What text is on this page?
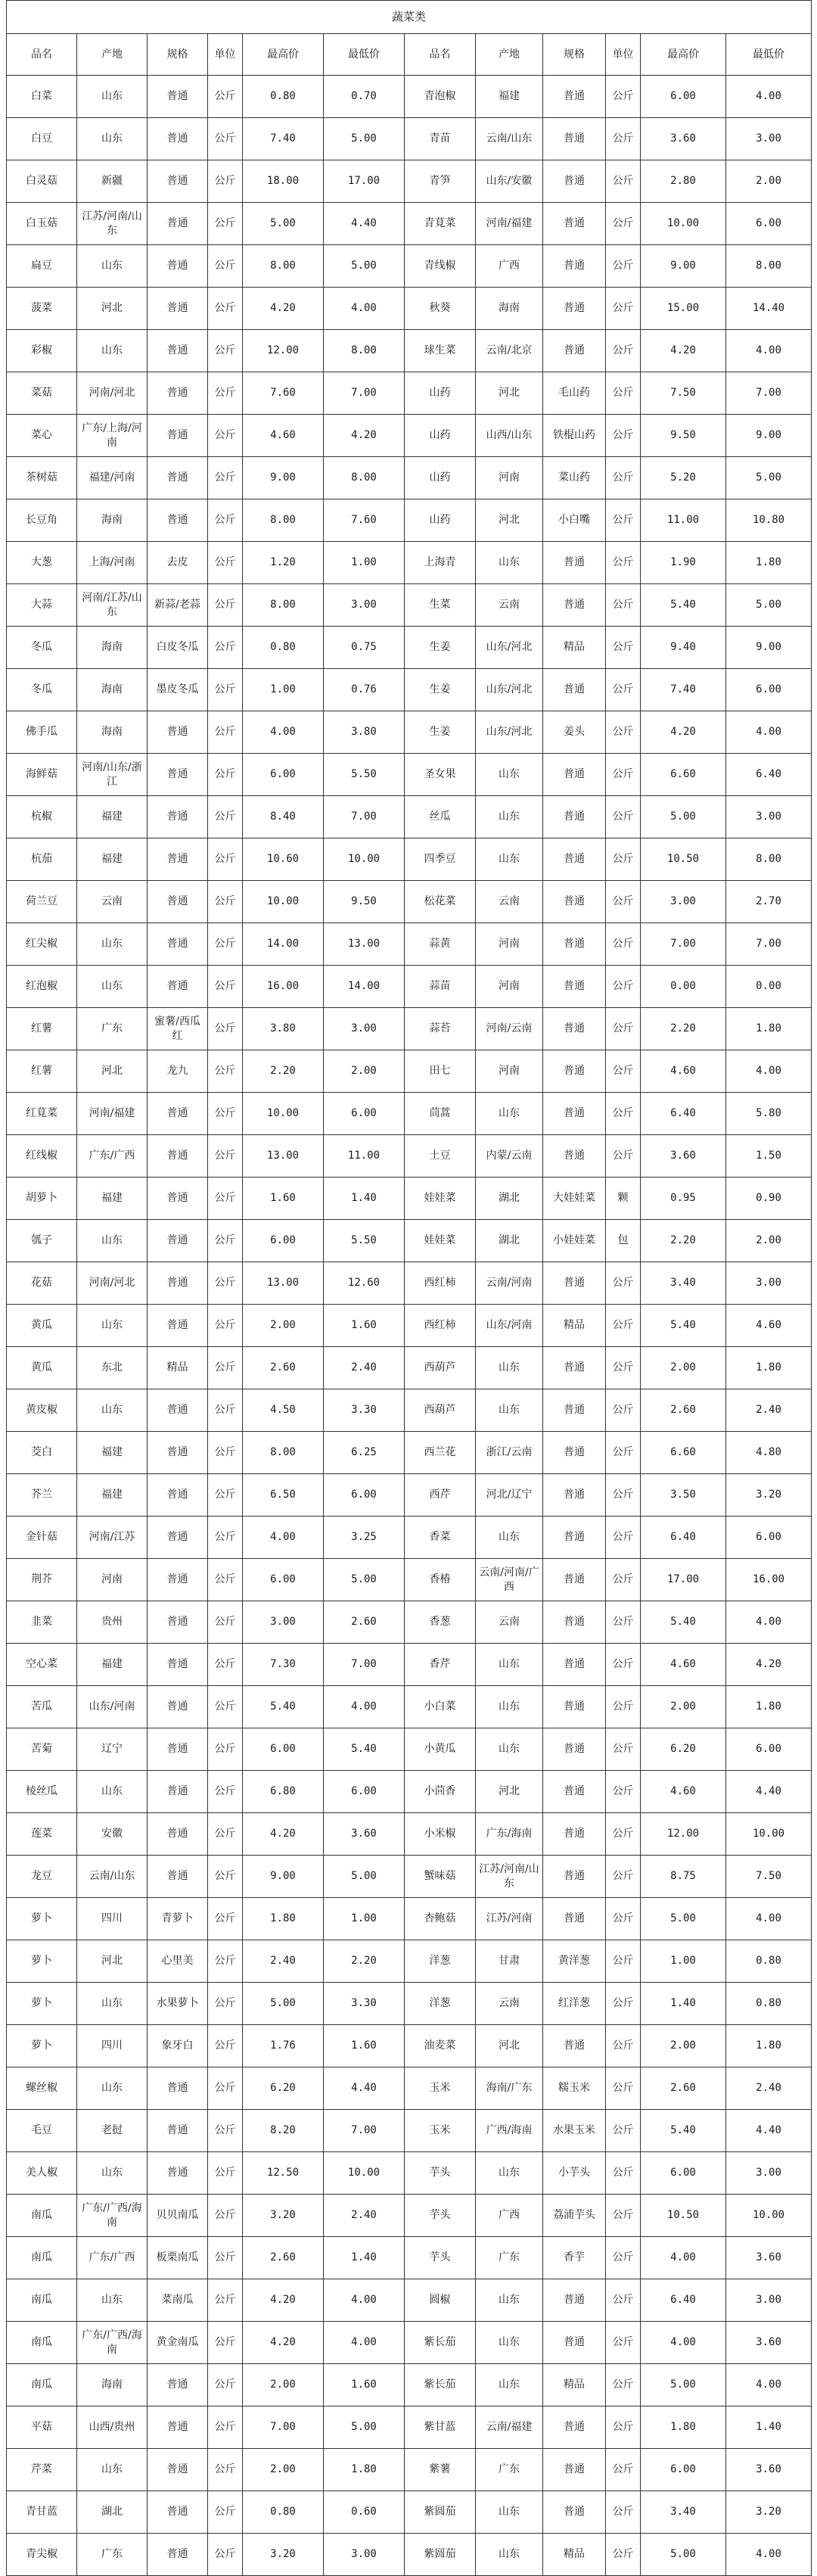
蔬菜类											
品名	产地	规格	单位	最高价	最低价	品名	产地	规格	单位	最高价	最低价
白菜	山东	普通	公斤	0.80	0.70	青泡椒	福建	普通	公斤	6.00	4.00
白豆	山东	普通	公斤	7.40	5.00	青苗	云南/山东	普通	公斤	3.60	3.00
白灵菇	新疆	普通	公斤	18.00	17.00	青笋	山东/安徽	普通	公斤	2.80	2.00
白玉菇	江苏/河南/山东	普通	公斤	5.00	4.40	青莧菜	河南/福建	普通	公斤	10.00	6.00
扁豆	山东	普通	公斤	8.00	5.00	青线椒	广西	普通	公斤	9.00	8.00
菠菜	河北	普通	公斤	4.20	4.00	秋葵	海南	普通	公斤	15.00	14.40
彩椒	山东	普通	公斤	12.00	8.00	球生菜	云南/北京	普通	公斤	4.20	4.00
菜菇	河南/河北	普通	公斤	7.60	7.00	山药	河北	毛山药	公斤	7.50	7.00
菜心	广东/上海/河南	普通	公斤	4.60	4.20	山药	山西/山东	铁棍山药	公斤	9.50	9.00
茶树菇	福建/河南	普通	公斤	9.00	8.00	山药	河南	菜山药	公斤	5.20	5.00
长豆角	海南	普通	公斤	8.00	7.60	山药	河北	小白嘴	公斤	11.00	10.80
大葱	上海/河南	去皮	公斤	1.20	1.00	上海青	山东	普通	公斤	1.90	1.80
大蒜	河南/江苏/山东	新蒜/老蒜	公斤	8.00	3.00	生菜	云南	普通	公斤	5.40	5.00
冬瓜	海南	白皮冬瓜	公斤	0.80	0.75	生姜	山东/河北	精品	公斤	9.40	9.00
冬瓜	海南	墨皮冬瓜	公斤	1.00	0.76	生姜	山东/河北	普通	公斤	7.40	6.00
佛手瓜	海南	普通	公斤	4.00	3.80	生姜	山东/河北	姜头	公斤	4.20	4.00
海鲜菇	河南/山东/浙江	普通	公斤	6.00	5.50	圣女果	山东	普通	公斤	6.60	6.40
杭椒	福建	普通	公斤	8.40	7.00	丝瓜	山东	普通	公斤	5.00	3.00
杭茄	福建	普通	公斤	10.60	10.00	四季豆	山东	普通	公斤	10.50	8.00
荷兰豆	云南	普通	公斤	10.00	9.50	松花菜	云南	普通	公斤	3.00	2.70
红尖椒	山东	普通	公斤	14.00	13.00	蒜黄	河南	普通	公斤	7.00	7.00
红泡椒	山东	普通	公斤	16.00	14.00	蒜苗	河南	普通	公斤	0.00	0.00
红薯	广东	蜜薯/西瓜红	公斤	3.80	3.00	蒜苔	河南/云南	普通	公斤	2.20	1.80
红薯	河北	龙九	公斤	2.20	2.00	田七	河南	普通	公斤	4.60	4.00
红莧菜	河南/福建	普通	公斤	10.00	6.00	茼蒿	山东	普通	公斤	6.40	5.80
红线椒	广东/广西	普通	公斤	13.00	11.00	土豆	内蒙/云南	普通	公斤	3.60	1.50
胡萝卜	福建	普通	公斤	1.60	1.40	娃娃菜	湖北	大娃娃菜	颗	0.95	0.90
瓠子	山东	普通	公斤	6.00	5.50	娃娃菜	湖北	小娃娃菜	包	2.20	2.00
花菇	河南/河北	普通	公斤	13.00	12.60	西红柿	云南/河南	普通	公斤	3.40	3.00
黄瓜	山东	普通	公斤	2.00	1.60	西红柿	山东/河南	精品	公斤	5.40	4.60
黄瓜	东北	精品	公斤	2.60	2.40	西葫芦	山东	普通	公斤	2.00	1.80
黄皮椒	山东	普通	公斤	4.50	3.30	西葫芦	山东	普通	公斤	2.60	2.40
茭白	福建	普通	公斤	8.00	6.25	西兰花	浙江/云南	普通	公斤	6.60	4.80
芥兰	福建	普通	公斤	6.50	6.00	西芹	河北/辽宁	普通	公斤	3.50	3.20
金针菇	河南/江苏	普通	公斤	4.00	3.25	香菜	山东	普通	公斤	6.40	6.00
荆芥	河南	普通	公斤	6.00	5.00	香椿	云南/河南/广西	普通	公斤	17.00	16.00
韭菜	贵州	普通	公斤	3.00	2.60	香葱	云南	普通	公斤	5.40	4.00
空心菜	福建	普通	公斤	7.30	7.00	香芹	山东	普通	公斤	4.60	4.20
苦瓜	山东/河南	普通	公斤	5.40	4.00	小白菜	山东	普通	公斤	2.00	1.80
苦菊	辽宁	普通	公斤	6.00	5.40	小黄瓜	山东	普通	公斤	6.20	6.00
棱丝瓜	山东	普通	公斤	6.80	6.00	小茴香	河北	普通	公斤	4.60	4.40
莲菜	安徽	普通	公斤	4.20	3.60	小米椒	广东/海南	普通	公斤	12.00	10.00
龙豆	云南/山东	普通	公斤	9.00	5.00	蟹味菇	江苏/河南/山东	普通	公斤	8.75	7.50
萝卜	四川	青萝卜	公斤	1.80	1.00	杏鲍菇	江苏/河南	普通	公斤	5.00	4.00
萝卜	河北	心里美	公斤	2.40	2.20	洋葱	甘肃	黄洋葱	公斤	1.00	0.80
萝卜	山东	水果萝卜	公斤	5.00	3.30	洋葱	云南	红洋葱	公斤	1.40	0.80
萝卜	四川	象牙白	公斤	1.76	1.60	油麦菜	河北	普通	公斤	2.00	1.80
螺丝椒	山东	普通	公斤	6.20	4.40	玉米	海南/广东	糯玉米	公斤	2.60	2.40
毛豆	老挝	普通	公斤	8.20	7.00	玉米	广西/海南	水果玉米	公斤	5.40	4.40
美人椒	山东	普通	公斤	12.50	10.00	芋头	山东	小芋头	公斤	6.00	3.00
南瓜	广东/广西/海南	贝贝南瓜	公斤	3.20	2.40	芋头	广西	荔浦芋头	公斤	10.50	10.00
南瓜	广东/广西	板栗南瓜	公斤	2.60	1.40	芋头	广东	香芋	公斤	4.00	3.60
南瓜	山东	菜南瓜	公斤	4.20	4.00	圆椒	山东	普通	公斤	6.40	3.00
南瓜	广东/广西/海南	黄金南瓜	公斤	4.20	4.00	紫长茄	山东	普通	公斤	4.00	3.60
南瓜	海南	普通	公斤	2.00	1.60	紫长茄	山东	精品	公斤	5.00	4.00
平菇	山西/贵州	普通	公斤	7.00	5.00	紫甘蓝	云南/福建	普通	公斤	1.80	1.40
芹菜	山东	普通	公斤	2.00	1.80	紫薯	广东	普通	公斤	6.00	3.60
青甘蓝	湖北	普通	公斤	0.80	0.60	紫圆茄	山东	普通	公斤	3.40	3.20
青尖椒	广东	普通	公斤	3.20	3.00	紫圆茄	山东	精品	公斤	5.00	4.00
